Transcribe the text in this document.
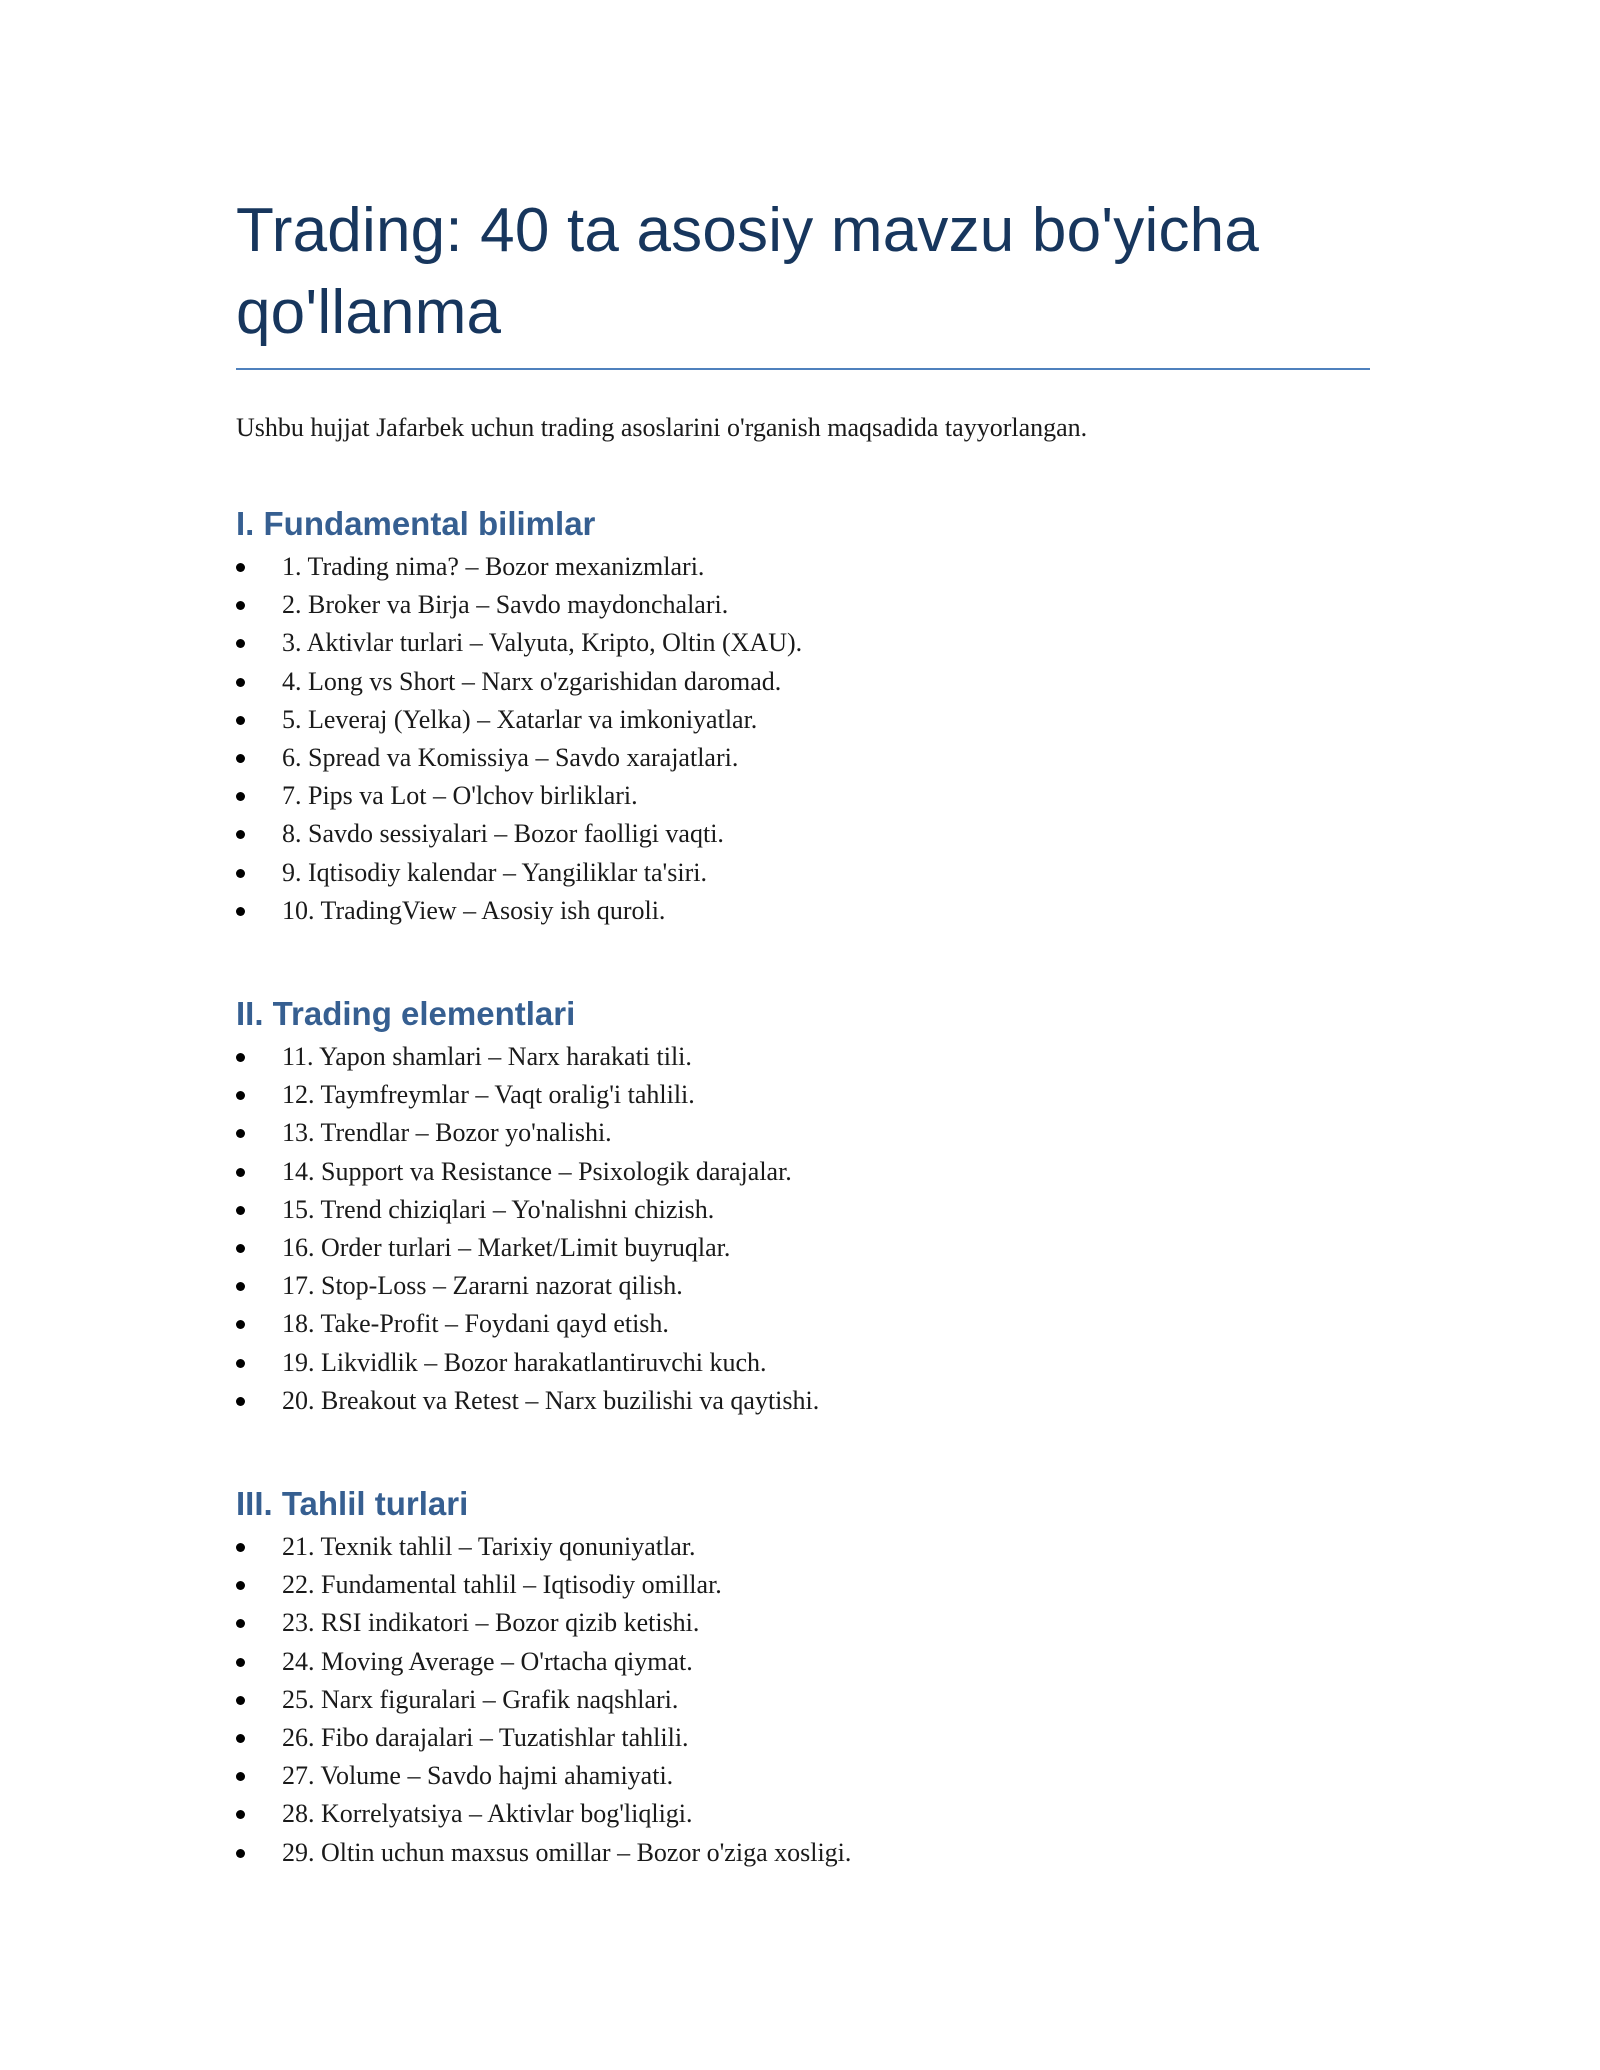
Trading: 40 ta asosiy mavzu bo'yicha qo'llanma

Ushbu hujjat Jafarbek uchun trading asoslarini o'rganish maqsadida tayyorlangan.

I. Fundamental bilimlar
1. Trading nima? – Bozor mexanizmlari.
2. Broker va Birja – Savdo maydonchalari.
3. Aktivlar turlari – Valyuta, Kripto, Oltin (XAU).
4. Long vs Short – Narx o'zgarishidan daromad.
5. Leveraj (Yelka) – Xatarlar va imkoniyatlar.
6. Spread va Komissiya – Savdo xarajatlari.
7. Pips va Lot – O'lchov birliklari.
8. Savdo sessiyalari – Bozor faolligi vaqti.
9. Iqtisodiy kalendar – Yangiliklar ta'siri.
10. TradingView – Asosiy ish quroli.
II. Trading elementlari
11. Yapon shamlari – Narx harakati tili.
12. Taymfreymlar – Vaqt oralig'i tahlili.
13. Trendlar – Bozor yo'nalishi.
14. Support va Resistance – Psixologik darajalar.
15. Trend chiziqlari – Yo'nalishni chizish.
16. Order turlari – Market/Limit buyruqlar.
17. Stop-Loss – Zararni nazorat qilish.
18. Take-Profit – Foydani qayd etish.
19. Likvidlik – Bozor harakatlantiruvchi kuch.
20. Breakout va Retest – Narx buzilishi va qaytishi.
III. Tahlil turlari
21. Texnik tahlil – Tarixiy qonuniyatlar.
22. Fundamental tahlil – Iqtisodiy omillar.
23. RSI indikatori – Bozor qizib ketishi.
24. Moving Average – O'rtacha qiymat.
25. Narx figuralari – Grafik naqshlari.
26. Fibo darajalari – Tuzatishlar tahlili.
27. Volume – Savdo hajmi ahamiyati.
28. Korrelyatsiya – Aktivlar bog'liqligi.
29. Oltin uchun maxsus omillar – Bozor o'ziga xosligi.
